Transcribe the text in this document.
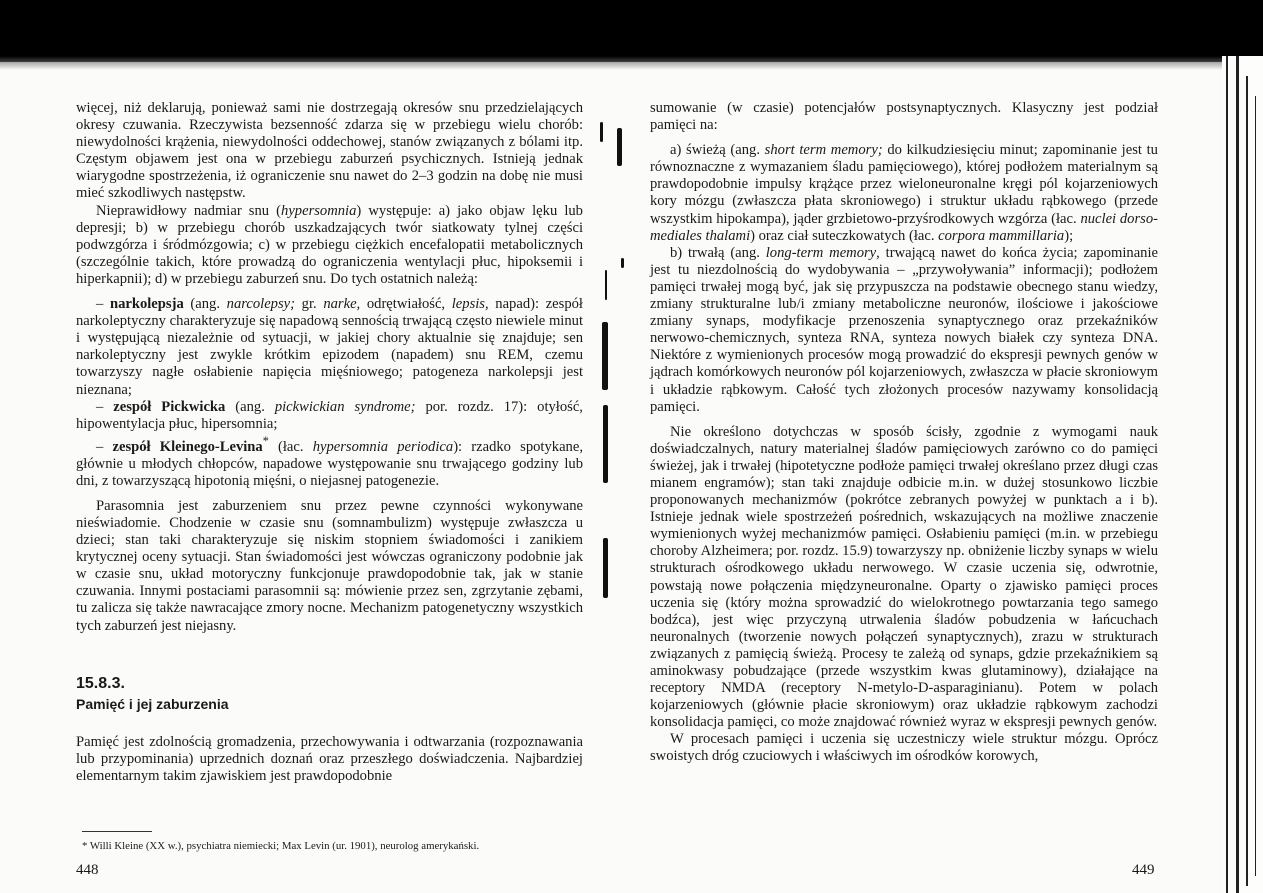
więcej, niż deklarują, ponieważ sami nie dostrzegają okresów snu przedzielających okresy czuwania. Rzeczywista bezsenność zdarza się w przebiegu wielu chorób: niewydolności krążenia, niewydolności oddechowej, stanów związanych z bólami itp. Częstym objawem jest ona w przebiegu zaburzeń psychicznych. Istnieją jednak wiarygodne spostrzeżenia, iż ograniczenie snu nawet do 2–3 godzin na dobę nie musi mieć szkodliwych następstw.

Nieprawidłowy nadmiar snu (hypersomnia) występuje: a) jako objaw lęku lub depresji; b) w przebiegu chorób uszkadzających twór siatkowaty tylnej części podwzgórza i śródmózgowia; c) w przebiegu ciężkich encefalopatii metabolicznych (szczególnie takich, które prowadzą do ograniczenia wentylacji płuc, hipoksemii i hiperkapnii); d) w przebiegu zaburzeń snu. Do tych ostatnich należą:

– narkolepsja (ang. narcolepsy; gr. narke, odrętwiałość, lepsis, napad): zespół narkoleptyczny charakteryzuje się napadową sennością trwającą często niewiele minut i występującą niezależnie od sytuacji, w jakiej chory aktualnie się znajduje; sen narkoleptyczny jest zwykle krótkim epizodem (napadem) snu REM, czemu towarzyszy nagłe osłabienie napięcia mięśniowego; patogeneza narkolepsji jest nieznana;

– zespół Pickwicka (ang. pickwickian syndrome; por. rozdz. 17): otyłość, hipowentylacja płuc, hipersomnia;

– zespół Kleinego-Levina* (łac. hypersomnia periodica): rzadko spotykane, głównie u młodych chłopców, napadowe występowanie snu trwającego godziny lub dni, z towarzyszącą hipotonią mięśni, o niejasnej patogenezie.

Parasomnia jest zaburzeniem snu przez pewne czynności wykonywane nieświadomie. Chodzenie w czasie snu (somnambulizm) występuje zwłaszcza u dzieci; stan taki charakteryzuje się niskim stopniem świadomości i zanikiem krytycznej oceny sytuacji. Stan świadomości jest wówczas ograniczony podobnie jak w czasie snu, układ motoryczny funkcjonuje prawdopodobnie tak, jak w stanie czuwania. Innymi postaciami parasomnii są: mówienie przez sen, zgrzytanie zębami, tu zalicza się także nawracające zmory nocne. Mechanizm patogenetyczny wszystkich tych zaburzeń jest niejasny.

15.8.3.

Pamięć i jej zaburzenia

Pamięć jest zdolnością gromadzenia, przechowywania i odtwarzania (rozpoznawania lub przypominania) uprzednich doznań oraz przeszłego doświadczenia. Najbardziej elementarnym takim zjawiskiem jest prawdopodobnie

* Willi Kleine (XX w.), psychiatra niemiecki; Max Levin (ur. 1901), neurolog amerykański.

448

sumowanie (w czasie) potencjałów postsynaptycznych. Klasyczny jest podział pamięci na:

a) świeżą (ang. short term memory; do kilkudziesięciu minut; zapominanie jest tu równoznaczne z wymazaniem śladu pamięciowego), której podłożem materialnym są prawdopodobnie impulsy krążące przez wieloneuronalne kręgi pól kojarzeniowych kory mózgu (zwłaszcza płata skroniowego) i struktur układu rąbkowego (przede wszystkim hipokampa), jąder grzbietowo-przyśrodkowych wzgórza (łac. nuclei dorso-mediales thalami) oraz ciał suteczkowatych (łac. corpora mammillaria);

b) trwałą (ang. long-term memory, trwającą nawet do końca życia; zapominanie jest tu niezdolnością do wydobywania – „przywoływania” informacji); podłożem pamięci trwałej mogą być, jak się przypuszcza na podstawie obecnego stanu wiedzy, zmiany strukturalne lub/i zmiany metaboliczne neuronów, ilościowe i jakościowe zmiany synaps, modyfikacje przenoszenia synaptycznego oraz przekaźników nerwowo-chemicznych, synteza RNA, synteza nowych białek czy synteza DNA. Niektóre z wymienionych procesów mogą prowadzić do ekspresji pewnych genów w jądrach komórkowych neuronów pól kojarzeniowych, zwłaszcza w płacie skroniowym i układzie rąbkowym. Całość tych złożonych procesów nazywamy konsolidacją pamięci.

Nie określono dotychczas w sposób ścisły, zgodnie z wymogami nauk doświadczalnych, natury materialnej śladów pamięciowych zarówno co do pamięci świeżej, jak i trwałej (hipotetyczne podłoże pamięci trwałej określano przez długi czas mianem engramów); stan taki znajduje odbicie m.in. w dużej stosunkowo liczbie proponowanych mechanizmów (pokrótce zebranych powyżej w punktach a i b). Istnieje jednak wiele spostrzeżeń pośrednich, wskazujących na możliwe znaczenie wymienionych wyżej mechanizmów pamięci. Osłabieniu pamięci (m.in. w przebiegu choroby Alzheimera; por. rozdz. 15.9) towarzyszy np. obniżenie liczby synaps w wielu strukturach ośrodkowego układu nerwowego. W czasie uczenia się, odwrotnie, powstają nowe połączenia międzyneuronalne. Oparty o zjawisko pamięci proces uczenia się (który można sprowadzić do wielokrotnego powtarzania tego samego bodźca), jest więc przyczyną utrwalenia śladów pobudzenia w łańcuchach neuronalnych (tworzenie nowych połączeń synaptycznych), zrazu w strukturach związanych z pamięcią świeżą. Procesy te zależą od synaps, gdzie przekaźnikiem są aminokwasy pobudzające (przede wszystkim kwas glutaminowy), działające na receptory NMDA (receptory N-metylo-D-asparaginianu). Potem w polach kojarzeniowych (głównie płacie skroniowym) oraz układzie rąbkowym zachodzi konsolidacja pamięci, co może znajdować również wyraz w ekspresji pewnych genów.

W procesach pamięci i uczenia się uczestniczy wiele struktur mózgu. Oprócz swoistych dróg czuciowych i właściwych im ośrodków korowych,

449
